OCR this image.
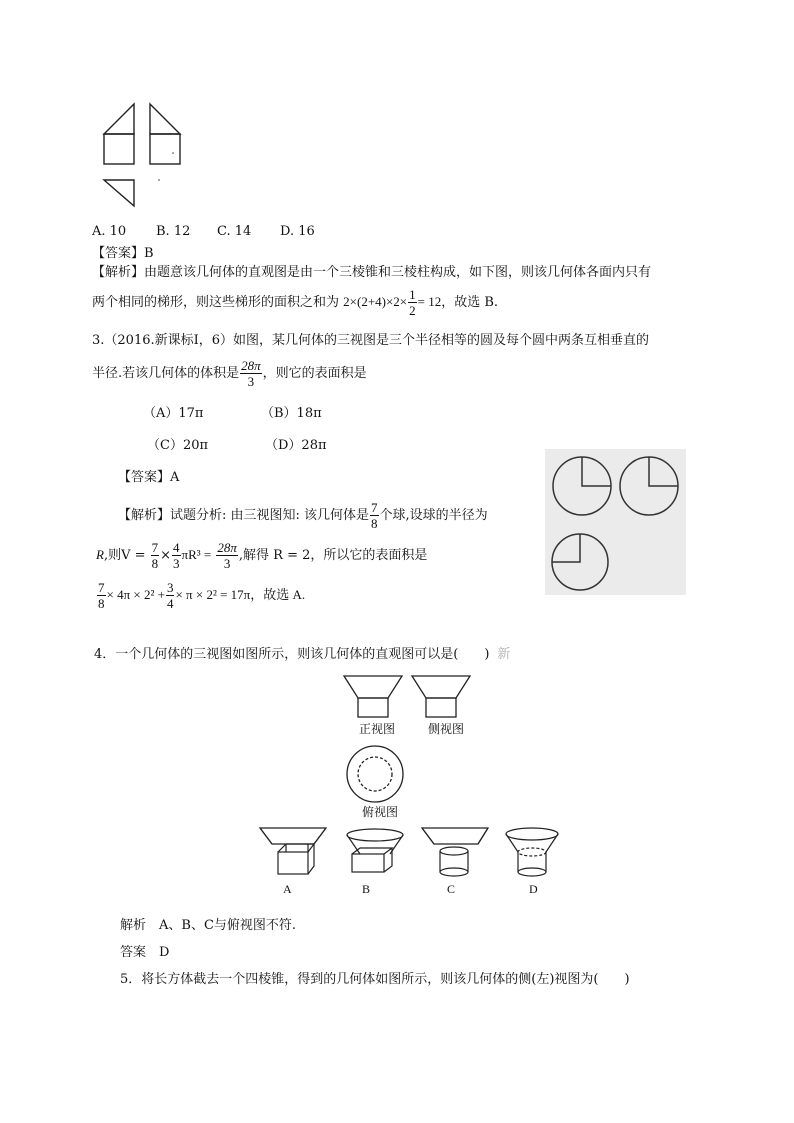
A. 10 B. 12 C. 14 D. 16
【答案】B
【解析】由题意该几何体的直观图是由一个三棱锥和三棱柱构成，如下图，则该几何体各面内只有
两个相同的梯形，则这些梯形的面积之和为 $2\times(2+4)\times 2\times \frac{1}{2} = 12$，故选 B.
3.（2016.新课标Ⅰ，6）如图，某几何体的三视图是三个半径相等的圆及每个圆中两条互相垂直的
半径.若该几何体的体积是 $\frac{28\pi}{3}$ ，则它的表面积是
（A）17π	（B）18π
（C）20π	（D）28π
【答案】A
【解析】试题分析: 由三视图知: 该几何体是 $\frac{7}{8}$ 个球,设球的半径为
R,则$V = \frac{7}{8} \times \frac{4}{3} \pi R^3 = \frac{28\pi}{3}$ ,解得 R = 2，所以它的表面积是
$\frac{7}{8} \times 4\pi \times 2^2 + \frac{3}{4} \times \pi \times 2^2 = 17\pi$，故选 A.
4．一个几何体的三视图如图所示，则该几何体的直观图可以是(　　) 新
正视图	侧视图
俯视图
A	B	C	D
解析　A、B、C与俯视图不符.
答案　D
5．将长方体截去一个四棱锥，得到的几何体如图所示，则该几何体的侧(左)视图为(　　)
